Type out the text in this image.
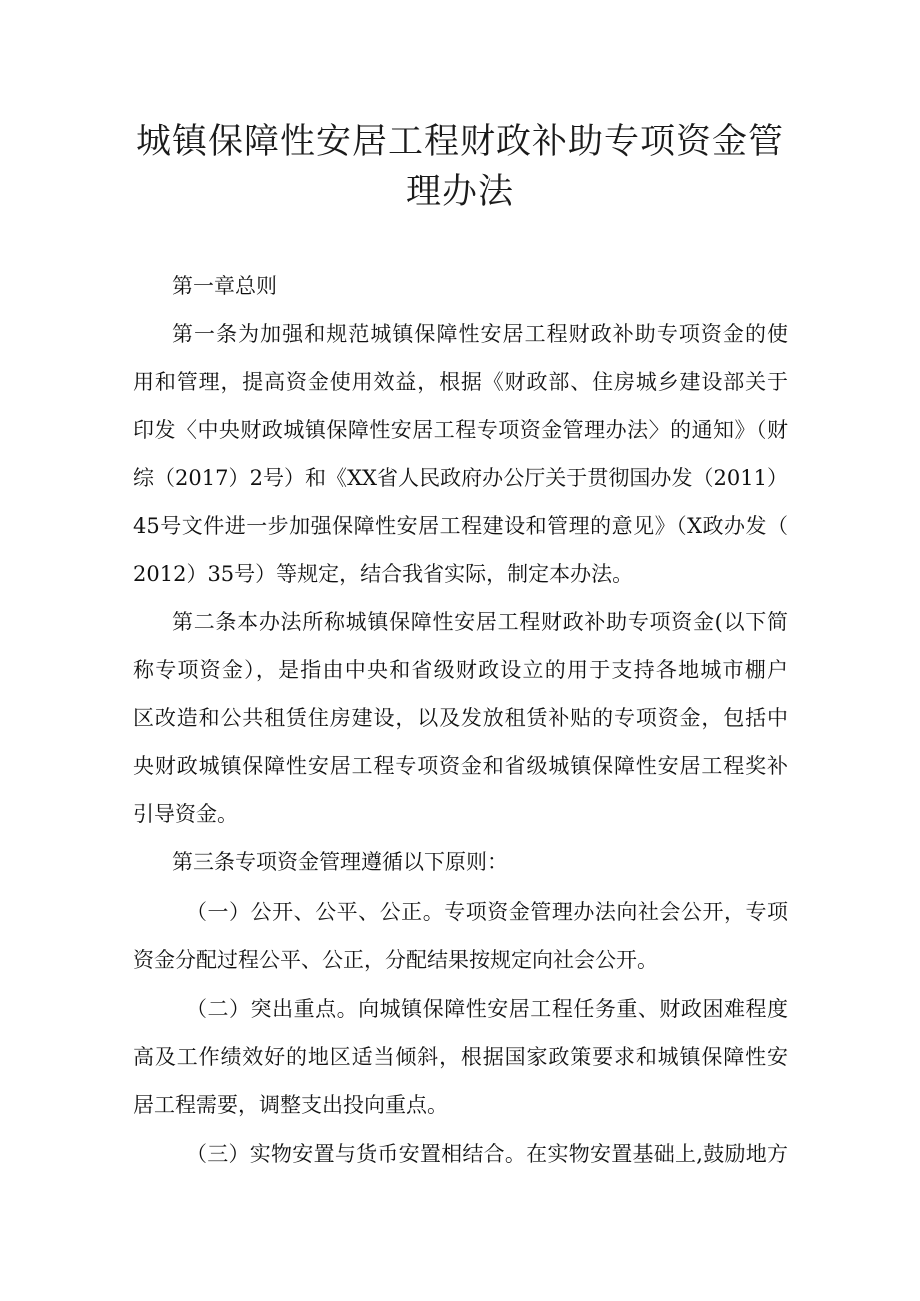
城镇保障性安居工程财政补助专项资金管
理办法
第一章总则
第一条为加强和规范城镇保障性安居工程财政补助专项资金的使
用和管理，提高资金使用效益，根据《财政部、住房城乡建设部关于
印发〈中央财政城镇保障性安居工程专项资金管理办法〉的通知》（财
综（2017）2号）和《XX省人民政府办公厅关于贯彻国办发（2011）
45号文件进一步加强保障性安居工程建设和管理的意见》（X政办发（
2012）35号）等规定，结合我省实际，制定本办法。
第二条本办法所称城镇保障性安居工程财政补助专项资金(以下简
称专项资金），是指由中央和省级财政设立的用于支持各地城市棚户
区改造和公共租赁住房建设，以及发放租赁补贴的专项资金，包括中
央财政城镇保障性安居工程专项资金和省级城镇保障性安居工程奖补
引导资金。
第三条专项资金管理遵循以下原则：
（一）公开、公平、公正。专项资金管理办法向社会公开，专项
资金分配过程公平、公正，分配结果按规定向社会公开。
（二）突出重点。向城镇保障性安居工程任务重、财政困难程度
高及工作绩效好的地区适当倾斜，根据国家政策要求和城镇保障性安
居工程需要，调整支出投向重点。
（三）实物安置与货币安置相结合。在实物安置基础上,鼓励地方
